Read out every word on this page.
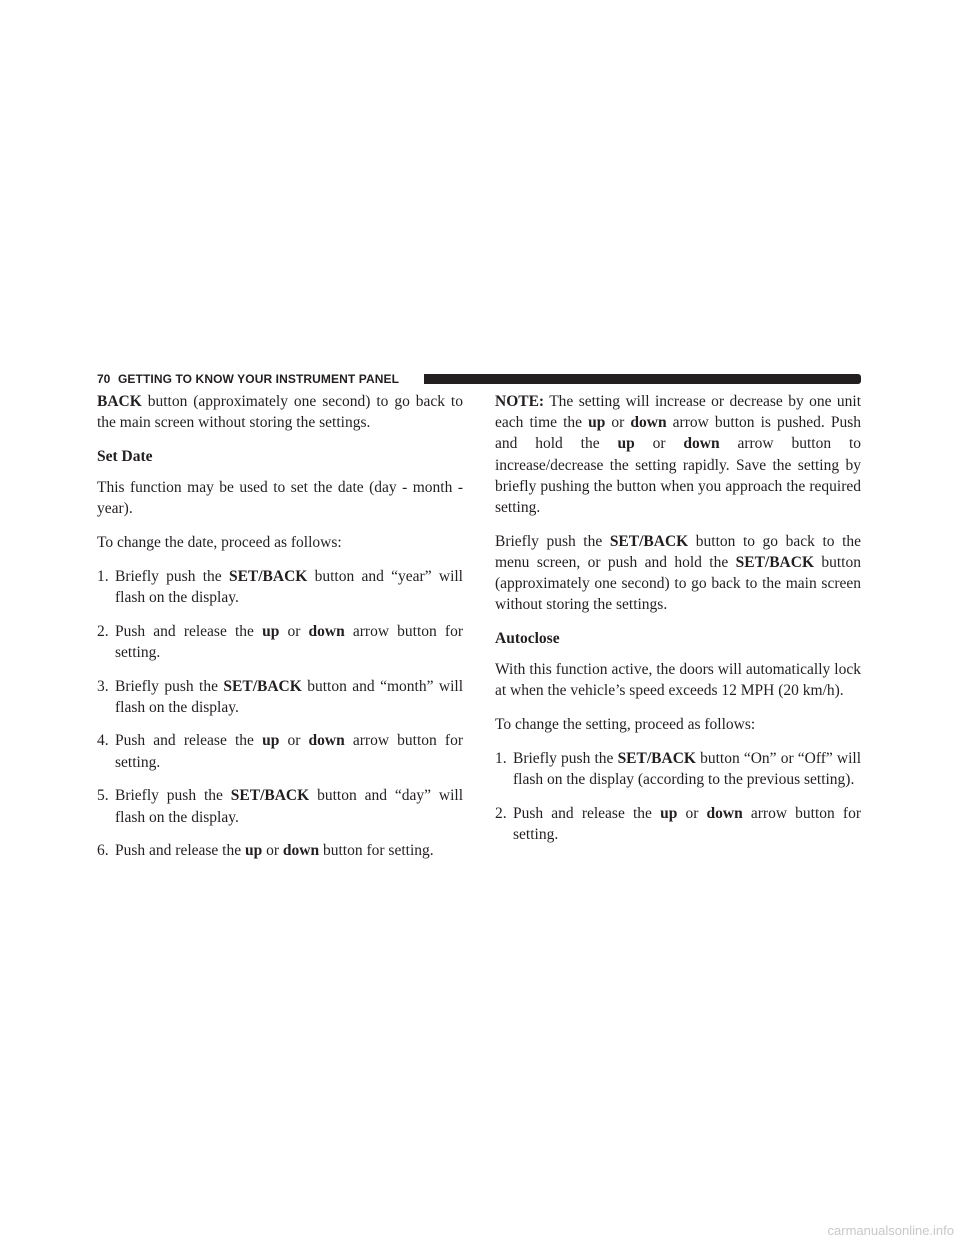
70 GETTING TO KNOW YOUR INSTRUMENT PANEL

BACK button (approximately one second) to go back to the main screen without storing the settings.

Set Date

This function may be used to set the date (day - month - year).

To change the date, proceed as follows:

1. Briefly push the SET/BACK button and “year” will flash on the display.
2. Push and release the up or down arrow button for setting.
3. Briefly push the SET/BACK button and “month” will flash on the display.
4. Push and release the up or down arrow button for setting.
5. Briefly push the SET/BACK button and “day” will flash on the display.
6. Push and release the up or down button for setting.

NOTE: The setting will increase or decrease by one unit each time the up or down arrow button is pushed. Push and hold the up or down arrow button to increase/decrease the setting rapidly. Save the setting by briefly pushing the button when you approach the required setting.

Briefly push the SET/BACK button to go back to the menu screen, or push and hold the SET/BACK button (approximately one second) to go back to the main screen without storing the settings.

Autoclose

With this function active, the doors will automatically lock at when the vehicle’s speed exceeds 12 MPH (20 km/h).

To change the setting, proceed as follows:

1. Briefly push the SET/BACK button “On” or “Off” will flash on the display (according to the previous setting).
2. Push and release the up or down arrow button for setting.
carmanualsonline.info
